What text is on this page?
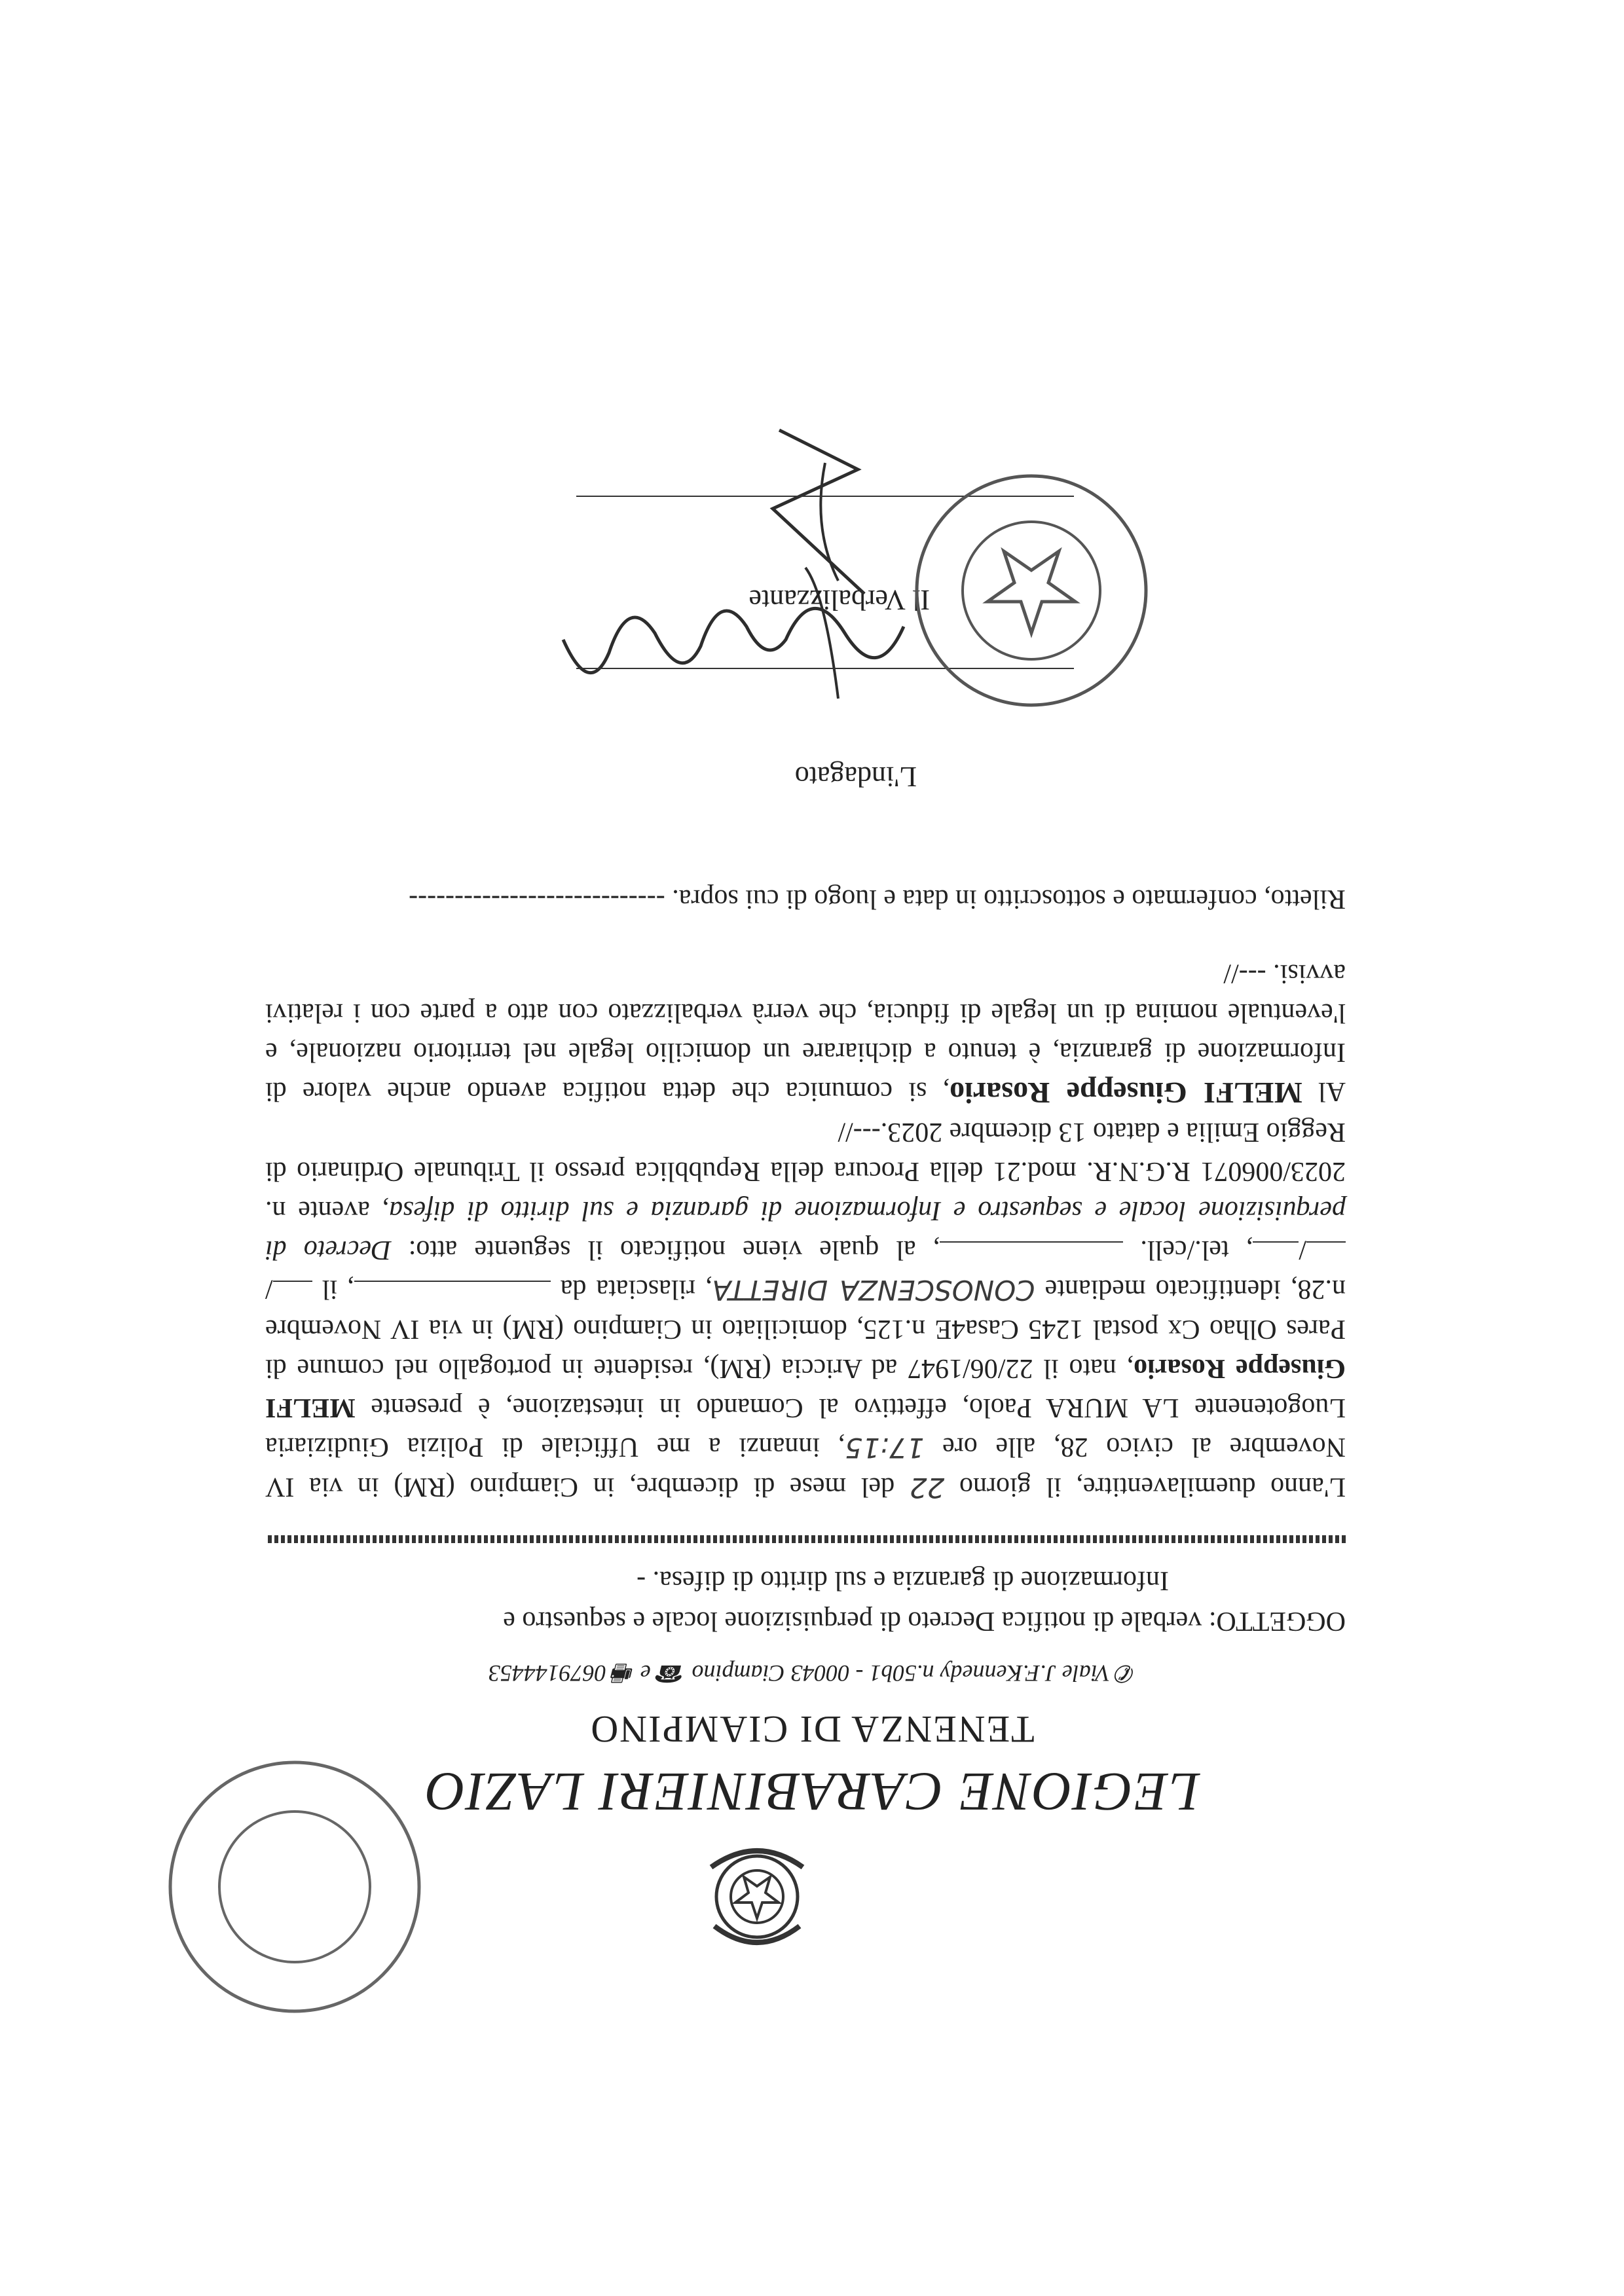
LEGIONE CARABINIERI LAZIO
TENENZA DI CIAMPINO
✆ Viale J.F.Kennedy n.50b1 - 00043 Ciampino ☎ e 🖷 0679144453
OGGETTO: verbale di notifica Decreto di perquisizione locale e sequestro e
Informazione di garanzia e sul diritto di difesa. -

L'anno duemilaventitre, il giorno 22 del mese di dicembre, in Ciampino (RM) in via IV Novembre al civico 28, alle ore 17:15, innanzi a me Ufficiale di Polizia Giudiziaria Luogotenente LA MURA Paolo, effettivo al Comando in intestazione, è presente MELFI Giuseppe Rosario, nato il 22/06/1947 ad Ariccia (RM), residente in portogallo nel comune di Pares Olhao Cx postal 1245 Casa4E n.125, domiciliato in Ciampino (RM) in via IV Novembre n.28, identificato mediante CONOSCENZA DIRETTA, rilasciata da , il //, tel./cell. , al quale viene notificato il seguente atto: Decreto di perquisizione locale e sequestro e Informazione di garanzia e sul diritto di difesa, avente n. 2023/006071 R.G.N.R. mod.21 della Procura della Repubblica presso il Tribunale Ordinario di Reggio Emilia e datato 13 dicembre 2023.---//

Al MELFI Giuseppe Rosario, si comunica che detta notifica avendo anche valore di Informazione di garanzia, è tenuto a dichiarare un domicilio legale nel territorio nazionale, e l'eventuale nomina di un legale di fiducia, che verrà verbalizzato con atto a parte con i relativi avvisi. ---//

Riletto, confermato e sottoscritto in data e luogo di cui sopra. ----------------------------
L'indagato
Il Verbalizzante
